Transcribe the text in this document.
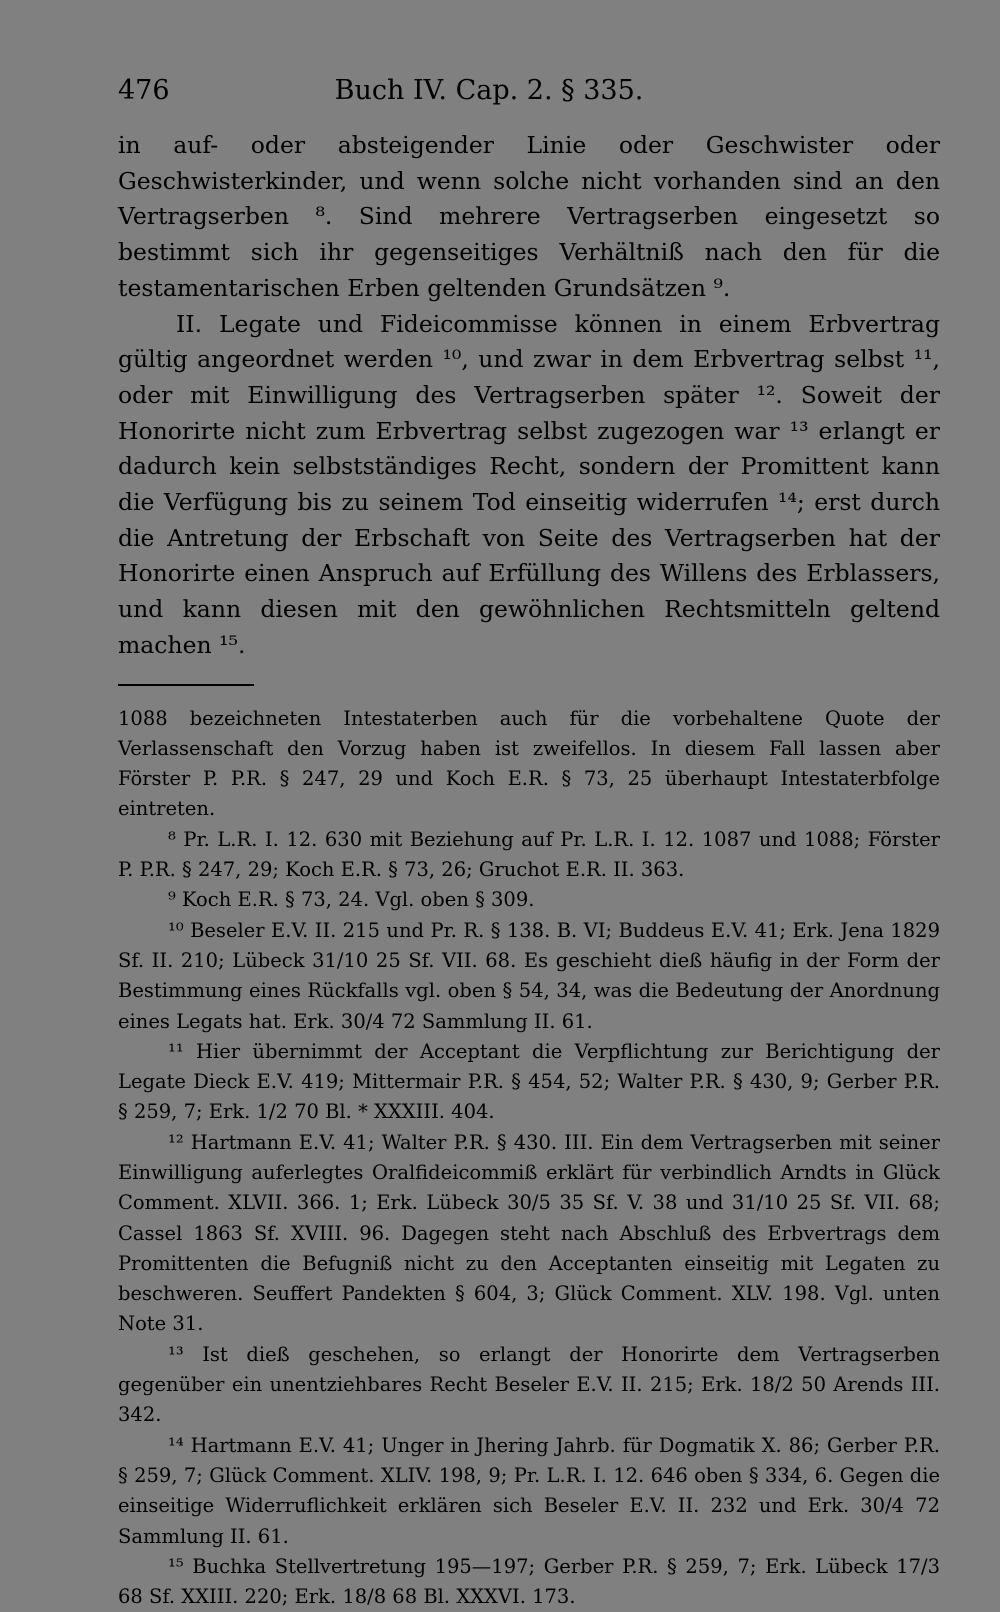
476	Buch IV. Cap. 2. § 335.

in auf- oder absteigender Linie oder Geschwister oder Geschwisterkinder, und wenn solche nicht vorhanden sind an den Vertragserben ⁸. Sind mehrere Vertragserben eingesetzt so bestimmt sich ihr gegenseitiges Verhältniß nach den für die testamentarischen Erben geltenden Grundsätzen ⁹.

II. Legate und Fideicommisse können in einem Erbvertrag gültig angeordnet werden ¹⁰, und zwar in dem Erbvertrag selbst ¹¹, oder mit Einwilligung des Vertragserben später ¹². Soweit der Honorirte nicht zum Erbvertrag selbst zugezogen war ¹³ erlangt er dadurch kein selbstständiges Recht, sondern der Promittent kann die Verfügung bis zu seinem Tod einseitig widerrufen ¹⁴; erst durch die Antretung der Erbschaft von Seite des Vertragserben hat der Honorirte einen Anspruch auf Erfüllung des Willens des Erblassers, und kann diesen mit den gewöhnlichen Rechtsmitteln geltend machen ¹⁵.

1088 bezeichneten Intestaterben auch für die vorbehaltene Quote der Verlassenschaft den Vorzug haben ist zweifellos. In diesem Fall lassen aber Förster P. P.R. § 247, 29 und Koch E.R. § 73, 25 überhaupt Intestaterbfolge eintreten.

⁸ Pr. L.R. I. 12. 630 mit Beziehung auf Pr. L.R. I. 12. 1087 und 1088; Förster P. P.R. § 247, 29; Koch E.R. § 73, 26; Gruchot E.R. II. 363.

⁹ Koch E.R. § 73, 24. Vgl. oben § 309.

¹⁰ Beseler E.V. II. 215 und Pr. R. § 138. B. VI; Buddeus E.V. 41; Erk. Jena 1829 Sf. II. 210; Lübeck 31/10 25 Sf. VII. 68. Es geschieht dieß häufig in der Form der Bestimmung eines Rückfalls vgl. oben § 54, 34, was die Bedeutung der Anordnung eines Legats hat. Erk. 30/4 72 Sammlung II. 61.

¹¹ Hier übernimmt der Acceptant die Verpflichtung zur Berichtigung der Legate Dieck E.V. 419; Mittermair P.R. § 454, 52; Walter P.R. § 430, 9; Gerber P.R. § 259, 7; Erk. 1/2 70 Bl. * XXXIII. 404.

¹² Hartmann E.V. 41; Walter P.R. § 430. III. Ein dem Vertragserben mit seiner Einwilligung auferlegtes Oralfideicommiß erklärt für verbindlich Arndts in Glück Comment. XLVII. 366. 1; Erk. Lübeck 30/5 35 Sf. V. 38 und 31/10 25 Sf. VII. 68; Cassel 1863 Sf. XVIII. 96. Dagegen steht nach Abschluß des Erbvertrags dem Promittenten die Befugniß nicht zu den Acceptanten einseitig mit Legaten zu beschweren. Seuffert Pandekten § 604, 3; Glück Comment. XLV. 198. Vgl. unten Note 31.

¹³ Ist dieß geschehen, so erlangt der Honorirte dem Vertragserben gegenüber ein unentziehbares Recht Beseler E.V. II. 215; Erk. 18/2 50 Arends III. 342.

¹⁴ Hartmann E.V. 41; Unger in Jhering Jahrb. für Dogmatik X. 86; Gerber P.R. § 259, 7; Glück Comment. XLIV. 198, 9; Pr. L.R. I. 12. 646 oben § 334, 6. Gegen die einseitige Widerruflichkeit erklären sich Beseler E.V. II. 232 und Erk. 30/4 72 Sammlung II. 61.

¹⁵ Buchka Stellvertretung 195—197; Gerber P.R. § 259, 7; Erk. Lübeck 17/3 68 Sf. XXIII. 220; Erk. 18/8 68 Bl. XXXVI. 173.
